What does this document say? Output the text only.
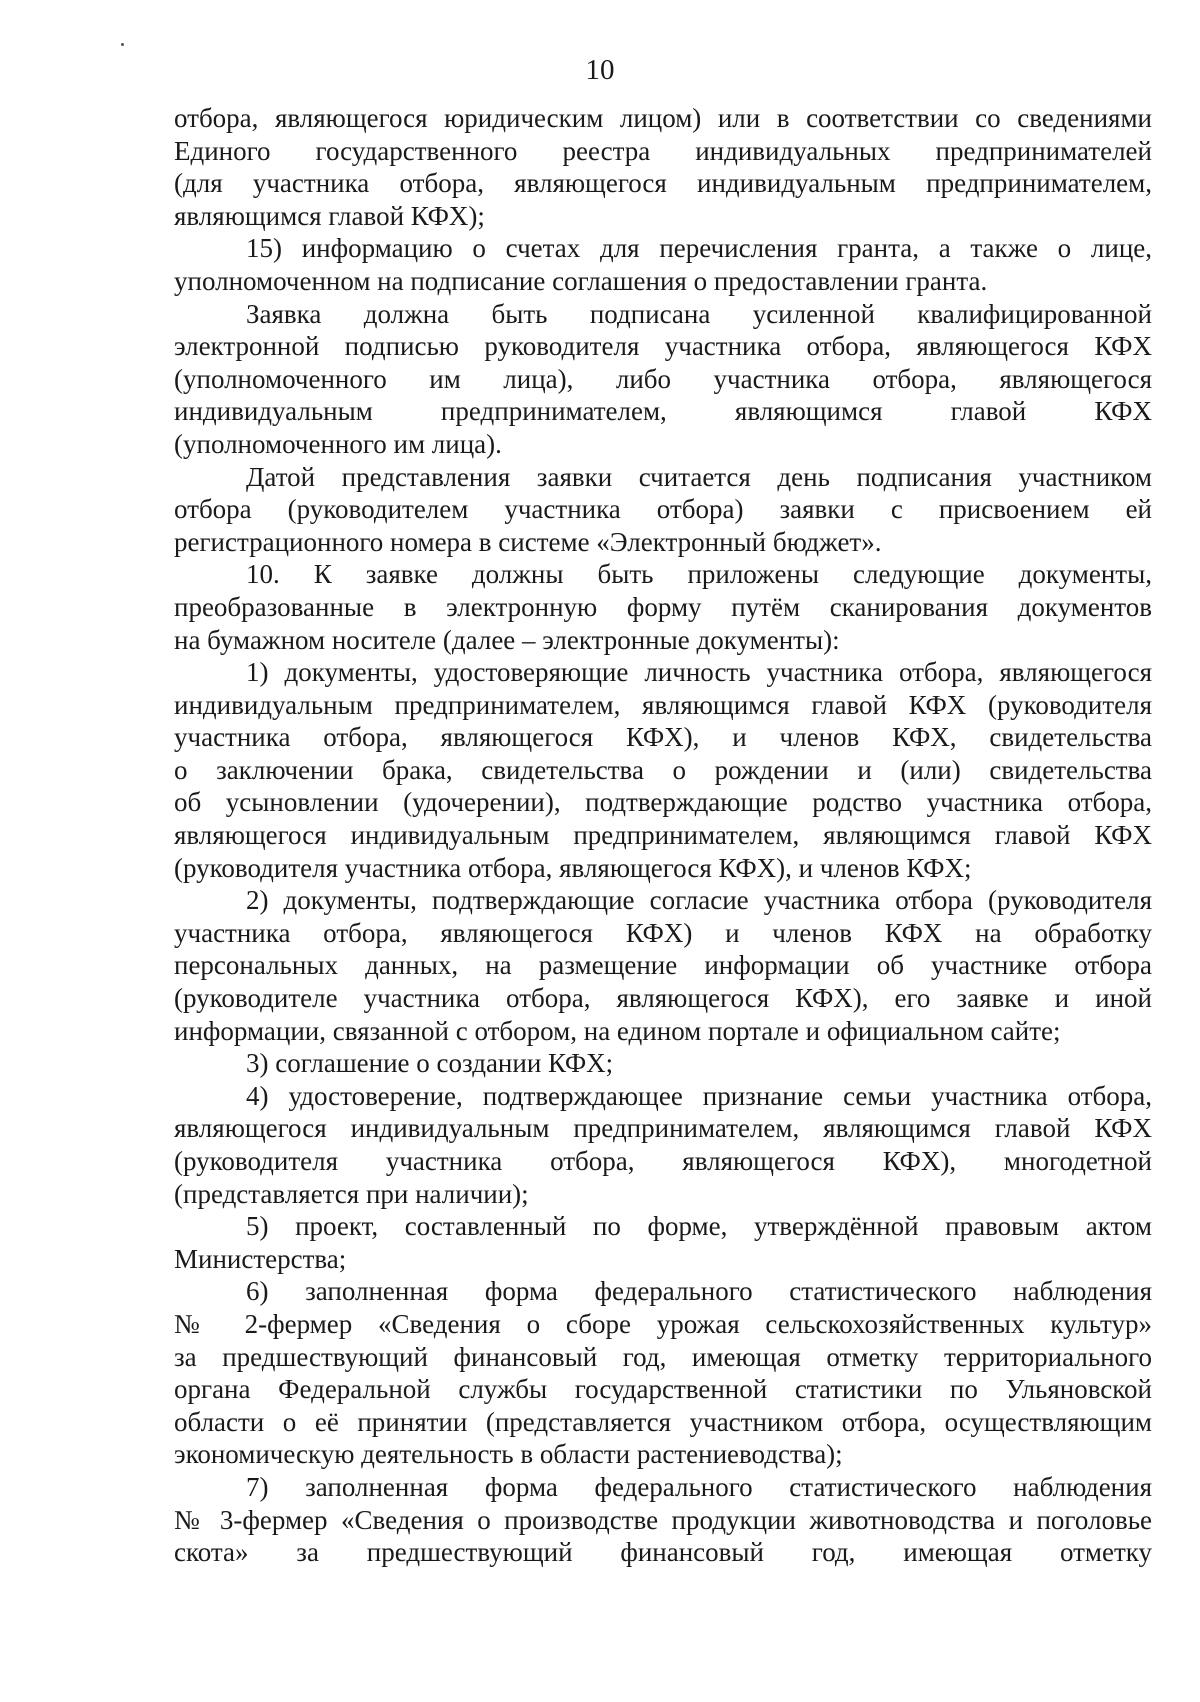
10
отбора, являющегося юридическим лицом) или в соответствии со сведениями
Единого государственного реестра индивидуальных предпринимателей
(для участника отбора, являющегося индивидуальным предпринимателем,
являющимся главой КФХ);
15) информацию о счетах для перечисления гранта, а также о лице,
уполномоченном на подписание соглашения о предоставлении гранта.
Заявка должна быть подписана усиленной квалифицированной
электронной подписью руководителя участника отбора, являющегося КФХ
(уполномоченного им лица), либо участника отбора, являющегося
индивидуальным предпринимателем, являющимся главой КФХ
(уполномоченного им лица).
Датой представления заявки считается день подписания участником
отбора (руководителем участника отбора) заявки с присвоением ей
регистрационного номера в системе «Электронный бюджет».
10. К заявке должны быть приложены следующие документы,
преобразованные в электронную форму путём сканирования документов
на бумажном носителе (далее – электронные документы):
1) документы, удостоверяющие личность участника отбора, являющегося
индивидуальным предпринимателем, являющимся главой КФХ (руководителя
участника отбора, являющегося КФХ), и членов КФХ, свидетельства
о заключении брака, свидетельства о рождении и (или) свидетельства
об усыновлении (удочерении), подтверждающие родство участника отбора,
являющегося индивидуальным предпринимателем, являющимся главой КФХ
(руководителя участника отбора, являющегося КФХ), и членов КФХ;
2) документы, подтверждающие согласие участника отбора (руководителя
участника отбора, являющегося КФХ) и членов КФХ на обработку
персональных данных, на размещение информации об участнике отбора
(руководителе участника отбора, являющегося КФХ), его заявке и иной
информации, связанной с отбором, на едином портале и официальном сайте;
3) соглашение о создании КФХ;
4) удостоверение, подтверждающее признание семьи участника отбора,
являющегося индивидуальным предпринимателем, являющимся главой КФХ
(руководителя участника отбора, являющегося КФХ), многодетной
(представляется при наличии);
5) проект, составленный по форме, утверждённой правовым актом
Министерства;
6) заполненная форма федерального статистического наблюдения
№ 2-фермер «Сведения о сборе урожая сельскохозяйственных культур»
за предшествующий финансовый год, имеющая отметку территориального
органа Федеральной службы государственной статистики по Ульяновской
области о её принятии (представляется участником отбора, осуществляющим
экономическую деятельность в области растениеводства);
7) заполненная форма федерального статистического наблюдения
№ 3-фермер «Сведения о производстве продукции животноводства и поголовье
скота» за предшествующий финансовый год, имеющая отметку
